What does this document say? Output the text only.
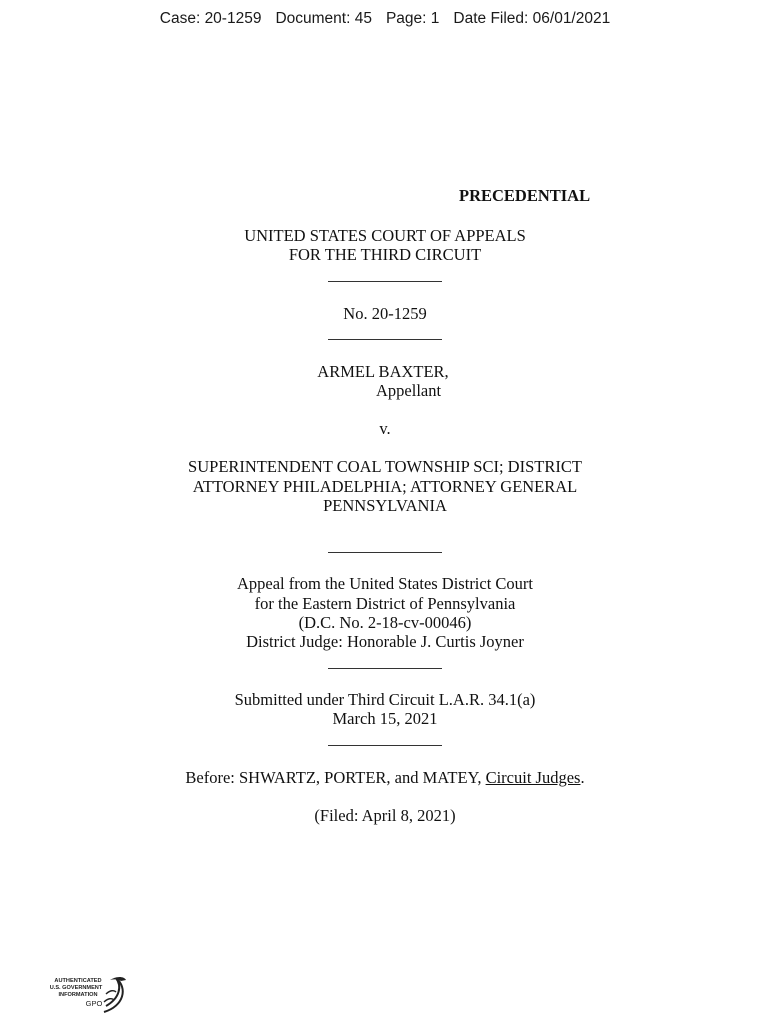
Case: 20-1259 Document: 45 Page: 1 Date Filed: 06/01/2021
PRECEDENTIAL
UNITED STATES COURT OF APPEALS
FOR THE THIRD CIRCUIT
No. 20-1259
ARMEL BAXTER,
Appellant
v.
SUPERINTENDENT COAL TOWNSHIP SCI; DISTRICT
ATTORNEY PHILADELPHIA; ATTORNEY GENERAL
PENNSYLVANIA
Appeal from the United States District Court
for the Eastern District of Pennsylvania
(D.C. No. 2-18-cv-00046)
District Judge: Honorable J. Curtis Joyner
Submitted under Third Circuit L.A.R. 34.1(a)
March 15, 2021
Before: SHWARTZ, PORTER, and MATEY, Circuit Judges.
(Filed: April 8, 2021)
AUTHENTICATED
U.S. GOVERNMENT
INFORMATION
GPO
